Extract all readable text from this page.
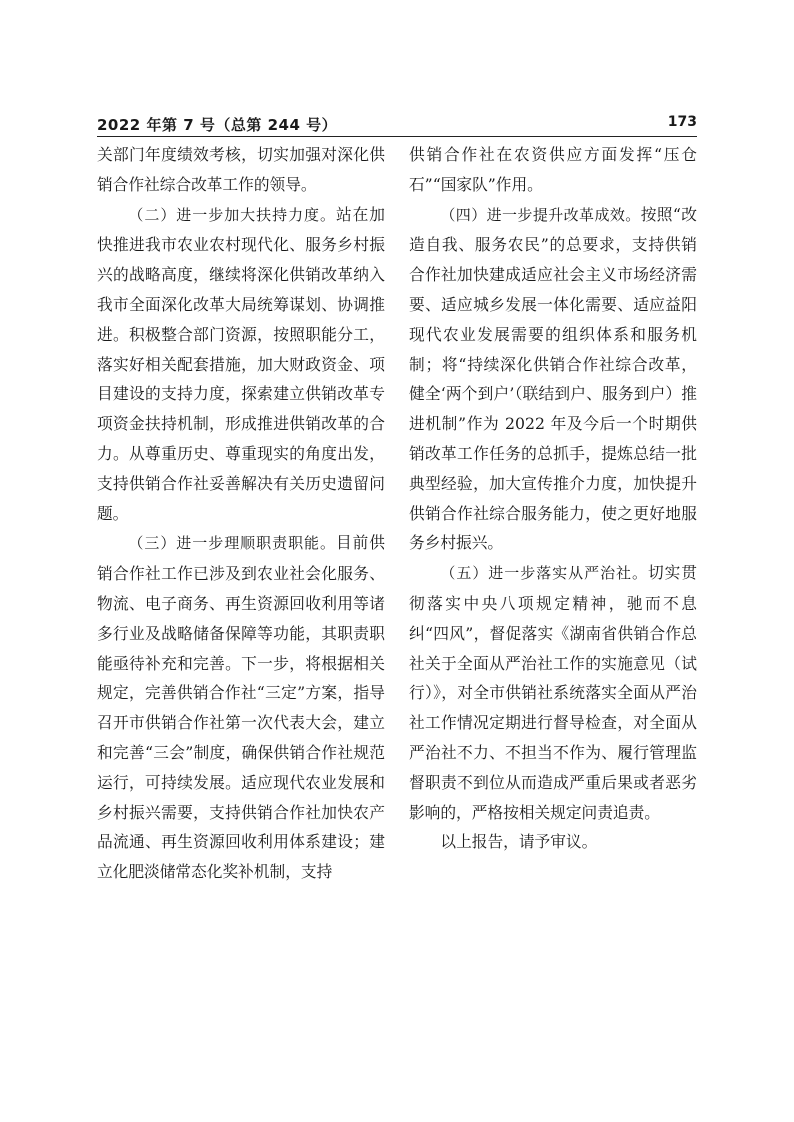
2022 年第 7 号（总第 244 号）	173

关部门年度绩效考核，切实加强对深化供销合作社综合改革工作的领导。

（二）进一步加大扶持力度。站在加快推进我市农业农村现代化、服务乡村振兴的战略高度，继续将深化供销改革纳入我市全面深化改革大局统筹谋划、协调推进。积极整合部门资源，按照职能分工，落实好相关配套措施，加大财政资金、项目建设的支持力度，探索建立供销改革专项资金扶持机制，形成推进供销改革的合力。从尊重历史、尊重现实的角度出发，支持供销合作社妥善解决有关历史遗留问题。

（三）进一步理顺职责职能。目前供销合作社工作已涉及到农业社会化服务、物流、电子商务、再生资源回收利用等诸多行业及战略储备保障等功能，其职责职能亟待补充和完善。下一步，将根据相关规定，完善供销合作社“三定”方案，指导召开市供销合作社第一次代表大会，建立和完善“三会”制度，确保供销合作社规范运行，可持续发展。适应现代农业发展和乡村振兴需要，支持供销合作社加快农产品流通、再生资源回收利用体系建设；建立化肥淡储常态化奖补机制，支持

供销合作社在农资供应方面发挥“压仓石”“国家队”作用。

（四）进一步提升改革成效。按照“改造自我、服务农民”的总要求，支持供销合作社加快建成适应社会主义市场经济需要、适应城乡发展一体化需要、适应益阳现代农业发展需要的组织体系和服务机制；将“持续深化供销合作社综合改革，健全‘两个到户’（联结到户、服务到户）推进机制”作为 2022 年及今后一个时期供销改革工作任务的总抓手，提炼总结一批典型经验，加大宣传推介力度，加快提升供销合作社综合服务能力，使之更好地服务乡村振兴。

（五）进一步落实从严治社。切实贯彻落实中央八项规定精神，驰而不息纠“四风”，督促落实《湖南省供销合作总社关于全面从严治社工作的实施意见（试行）》，对全市供销社系统落实全面从严治社工作情况定期进行督导检查，对全面从严治社不力、不担当不作为、履行管理监督职责不到位从而造成严重后果或者恶劣影响的，严格按相关规定问责追责。

以上报告，请予审议。
